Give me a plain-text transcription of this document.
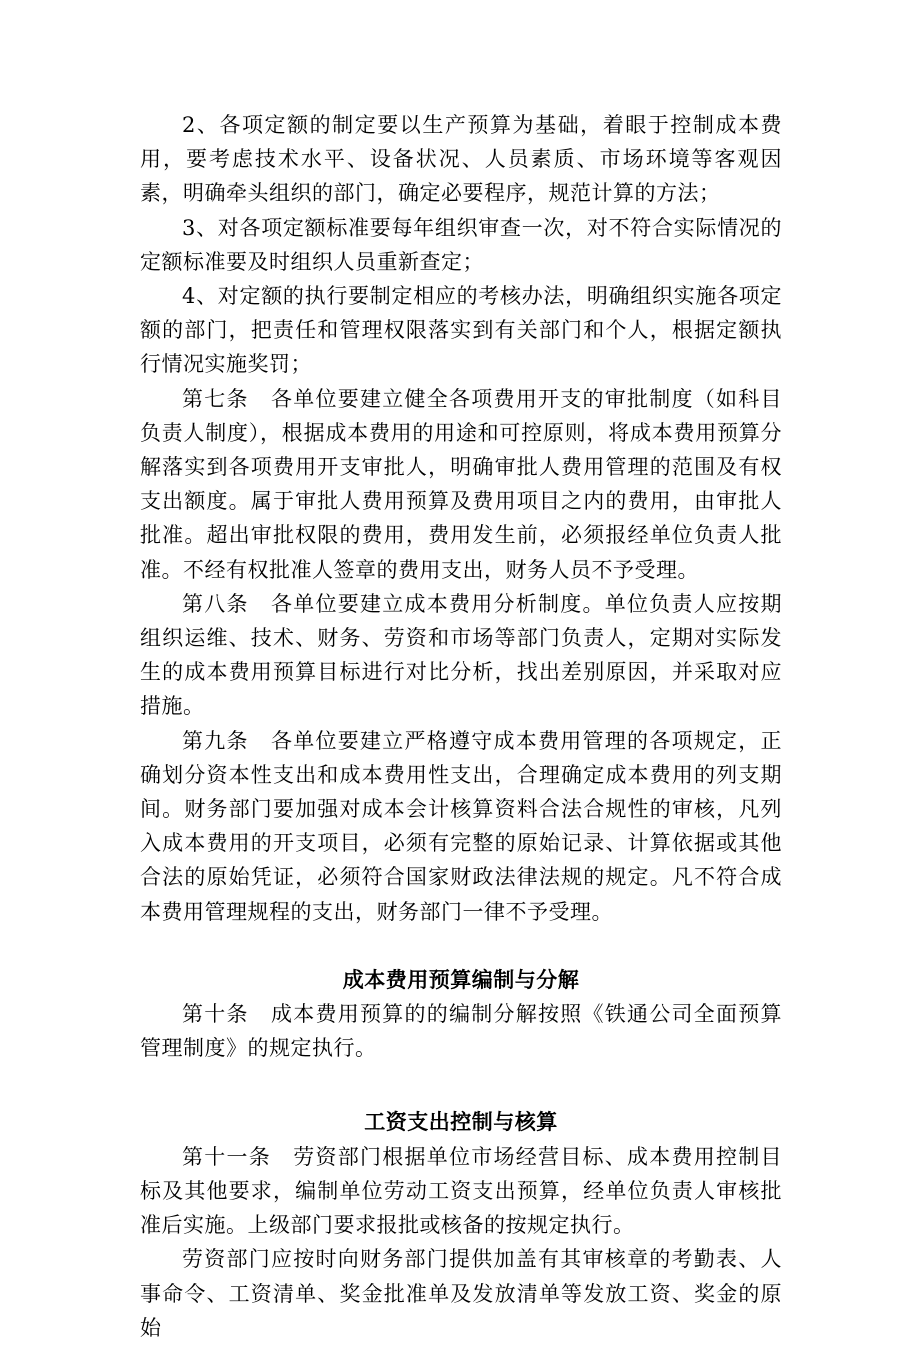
2、各项定额的制定要以生产预算为基础，着眼于控制成本费用，要考虑技术水平、设备状况、人员素质、市场环境等客观因素，明确牵头组织的部门，确定必要程序，规范计算的方法；

3、对各项定额标准要每年组织审查一次，对不符合实际情况的定额标准要及时组织人员重新查定；

4、对定额的执行要制定相应的考核办法，明确组织实施各项定额的部门，把责任和管理权限落实到有关部门和个人，根据定额执行情况实施奖罚；

第七条　各单位要建立健全各项费用开支的审批制度（如科目负责人制度），根据成本费用的用途和可控原则，将成本费用预算分解落实到各项费用开支审批人，明确审批人费用管理的范围及有权支出额度。属于审批人费用预算及费用项目之内的费用，由审批人批准。超出审批权限的费用，费用发生前，必须报经单位负责人批准。不经有权批准人签章的费用支出，财务人员不予受理。

第八条　各单位要建立成本费用分析制度。单位负责人应按期组织运维、技术、财务、劳资和市场等部门负责人，定期对实际发生的成本费用预算目标进行对比分析，找出差别原因，并采取对应措施。

第九条　各单位要建立严格遵守成本费用管理的各项规定，正确划分资本性支出和成本费用性支出，合理确定成本费用的列支期间。财务部门要加强对成本会计核算资料合法合规性的审核，凡列入成本费用的开支项目，必须有完整的原始记录、计算依据或其他合法的原始凭证，必须符合国家财政法律法规的规定。凡不符合成本费用管理规程的支出，财务部门一律不予受理。

成本费用预算编制与分解

第十条　成本费用预算的的编制分解按照《铁通公司全面预算管理制度》的规定执行。

工资支出控制与核算

第十一条　劳资部门根据单位市场经营目标、成本费用控制目标及其他要求，编制单位劳动工资支出预算，经单位负责人审核批准后实施。上级部门要求报批或核备的按规定执行。

劳资部门应按时向财务部门提供加盖有其审核章的考勤表、人事命令、工资清单、奖金批准单及发放清单等发放工资、奖金的原始
